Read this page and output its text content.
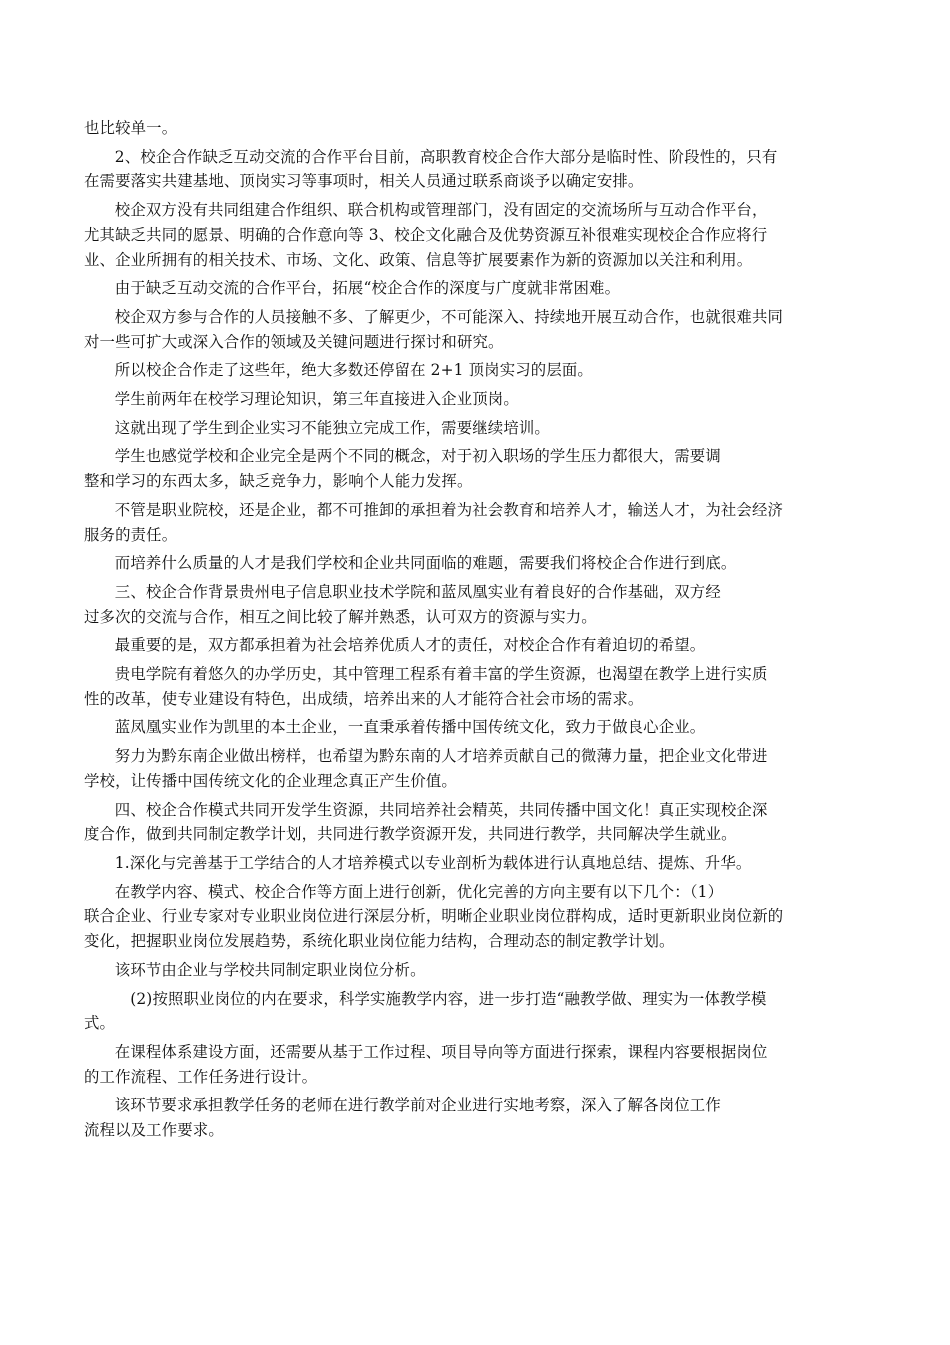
也比较单一。
2、校企合作缺乏互动交流的合作平台目前，高职教育校企合作大部分是临时性、阶段性的，只有
在需要落实共建基地、顶岗实习等事项时，相关人员通过联系商谈予以确定安排。
校企双方没有共同组建合作组织、联合机构或管理部门，没有固定的交流场所与互动合作平台，
尤其缺乏共同的愿景、明确的合作意向等 3、校企文化融合及优势资源互补很难实现校企合作应将行
业、企业所拥有的相关技术、市场、文化、政策、信息等扩展要素作为新的资源加以关注和利用。
由于缺乏互动交流的合作平台，拓展“校企合作的深度与广度就非常困难。
校企双方参与合作的人员接触不多、了解更少，不可能深入、持续地开展互动合作，也就很难共同
对一些可扩大或深入合作的领域及关键问题进行探讨和研究。
所以校企合作走了这些年，绝大多数还停留在 2+1 顶岗实习的层面。
学生前两年在校学习理论知识，第三年直接进入企业顶岗。
这就出现了学生到企业实习不能独立完成工作，需要继续培训。
学生也感觉学校和企业完全是两个不同的概念，对于初入职场的学生压力都很大，需要调
整和学习的东西太多，缺乏竞争力，影响个人能力发挥。
不管是职业院校，还是企业，都不可推卸的承担着为社会教育和培养人才，输送人才，为社会经济
服务的责任。
而培养什么质量的人才是我们学校和企业共同面临的难题，需要我们将校企合作进行到底。
三、校企合作背景贵州电子信息职业技术学院和蓝凤凰实业有着良好的合作基础，双方经
过多次的交流与合作，相互之间比较了解并熟悉，认可双方的资源与实力。
最重要的是，双方都承担着为社会培养优质人才的责任，对校企合作有着迫切的希望。
贵电学院有着悠久的办学历史，其中管理工程系有着丰富的学生资源，也渴望在教学上进行实质
性的改革，使专业建设有特色，出成绩，培养出来的人才能符合社会市场的需求。
蓝凤凰实业作为凯里的本土企业，一直秉承着传播中国传统文化，致力于做良心企业。
努力为黔东南企业做出榜样，也希望为黔东南的人才培养贡献自己的微薄力量，把企业文化带进
学校，让传播中国传统文化的企业理念真正产生价值。
四、校企合作模式共同开发学生资源，共同培养社会精英，共同传播中国文化！真正实现校企深
度合作，做到共同制定教学计划，共同进行教学资源开发，共同进行教学，共同解决学生就业。
1.深化与完善基于工学结合的人才培养模式以专业剖析为载体进行认真地总结、提炼、升华。
在教学内容、模式、校企合作等方面上进行创新，优化完善的方向主要有以下几个：（1）
联合企业、行业专家对专业职业岗位进行深层分析，明晰企业职业岗位群构成，适时更新职业岗位新的
变化，把握职业岗位发展趋势，系统化职业岗位能力结构，合理动态的制定教学计划。
该环节由企业与学校共同制定职业岗位分析。
(2)按照职业岗位的内在要求，科学实施教学内容，进一步打造“融教学做、理实为一体教学模
式。
在课程体系建设方面，还需要从基于工作过程、项目导向等方面进行探索，课程内容要根据岗位
的工作流程、工作任务进行设计。
该环节要求承担教学任务的老师在进行教学前对企业进行实地考察，深入了解各岗位工作
流程以及工作要求。
